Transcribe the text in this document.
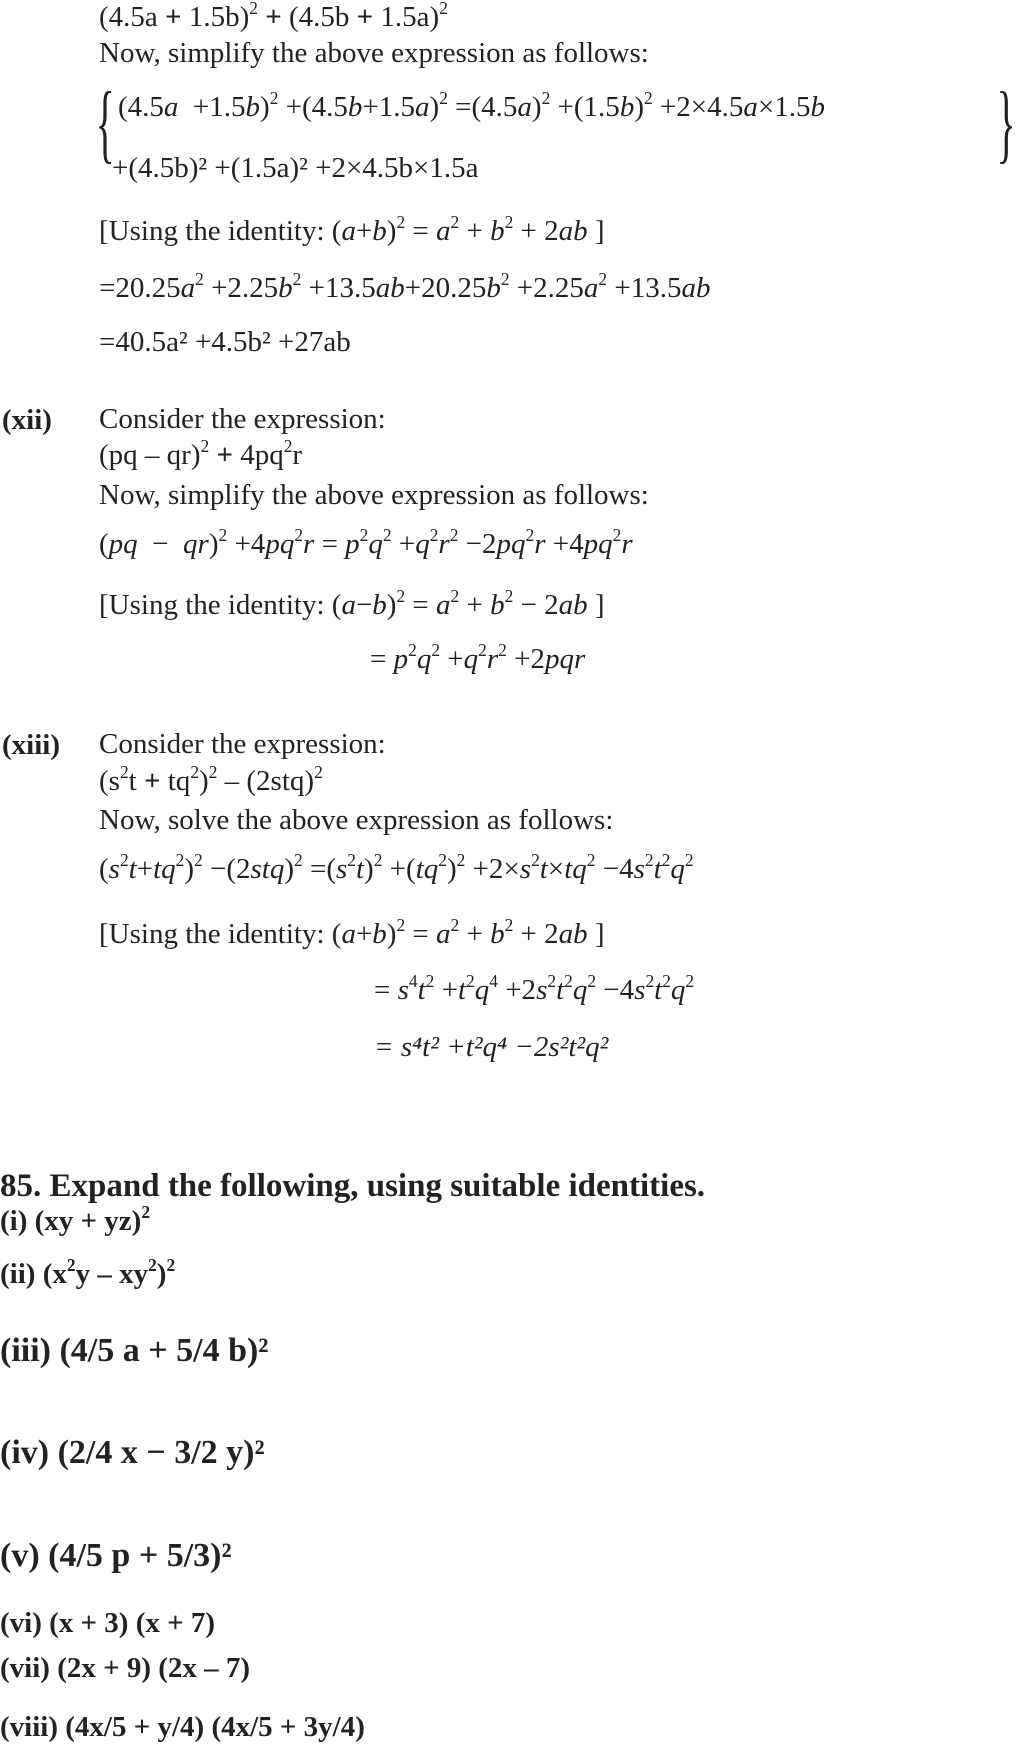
$(4.5a + 1.5b)^2 + (4.5b + 1.5a)^2$
Now, simplify the above expression as follows:
{	}
$(4.5a +1.5b)^2 +(4.5b+1.5a)^2 =(4.5a)^2 +(1.5b)^2 +2\times 4.5a\times 1.5b$
+(4.5b)² +(1.5a)² +2×4.5b×1.5a
[Using the identity: $(a+b)^2 = a^2 + b^2 + 2ab$ ]
$=20.25a^2 +2.25b^2 +13.5ab+20.25b^2 +2.25a^2 +13.5ab$
=40.5a² +4.5b² +27ab
(xii) Consider the expression:
$(pq - qr)^2 + 4pq^2r$
Now, simplify the above expression as follows:
$(pq - qr)^2 +4pq^2r = p^2q^2 +q^2r^2 -2pq^2r +4pq^2r$
[Using the identity: $(a-b)^2 = a^2 + b^2 - 2ab$ ]
= $p^2q^2 +q^2r^2 +2pqr$
(xiii) Consider the expression:
$(s^2t + tq^2)^2 - (2stq)^2$
Now, solve the above expression as follows:
$(s^2t+tq^2)^2 -(2stq)^2 =(s^2t)^2 +(tq^2)^2 +2\times s^2t\times tq^2 -4s^2t^2q^2$
[Using the identity: $(a+b)^2 = a^2 + b^2 + 2ab$ ]
= $s^4t^2 +t^2q^4 +2s^2t^2q^2 -4s^2t^2q^2$
= s⁴t² +t²q⁴ −2s²t²q²
85. Expand the following, using suitable identities.
(i) (xy + yz)$^2$
(ii) $(x^2y - xy^2)^2$
(iii) (4/5 a + 5/4 b)²
(iv) (2/4 x − 3/2 y)²
(v) (4/5 p + 5/3)²
(vi) (x + 3) (x + 7)
(vii) (2x + 9) (2x – 7)
(viii) (4x/5 + y/4) (4x/5 + 3y/4)
